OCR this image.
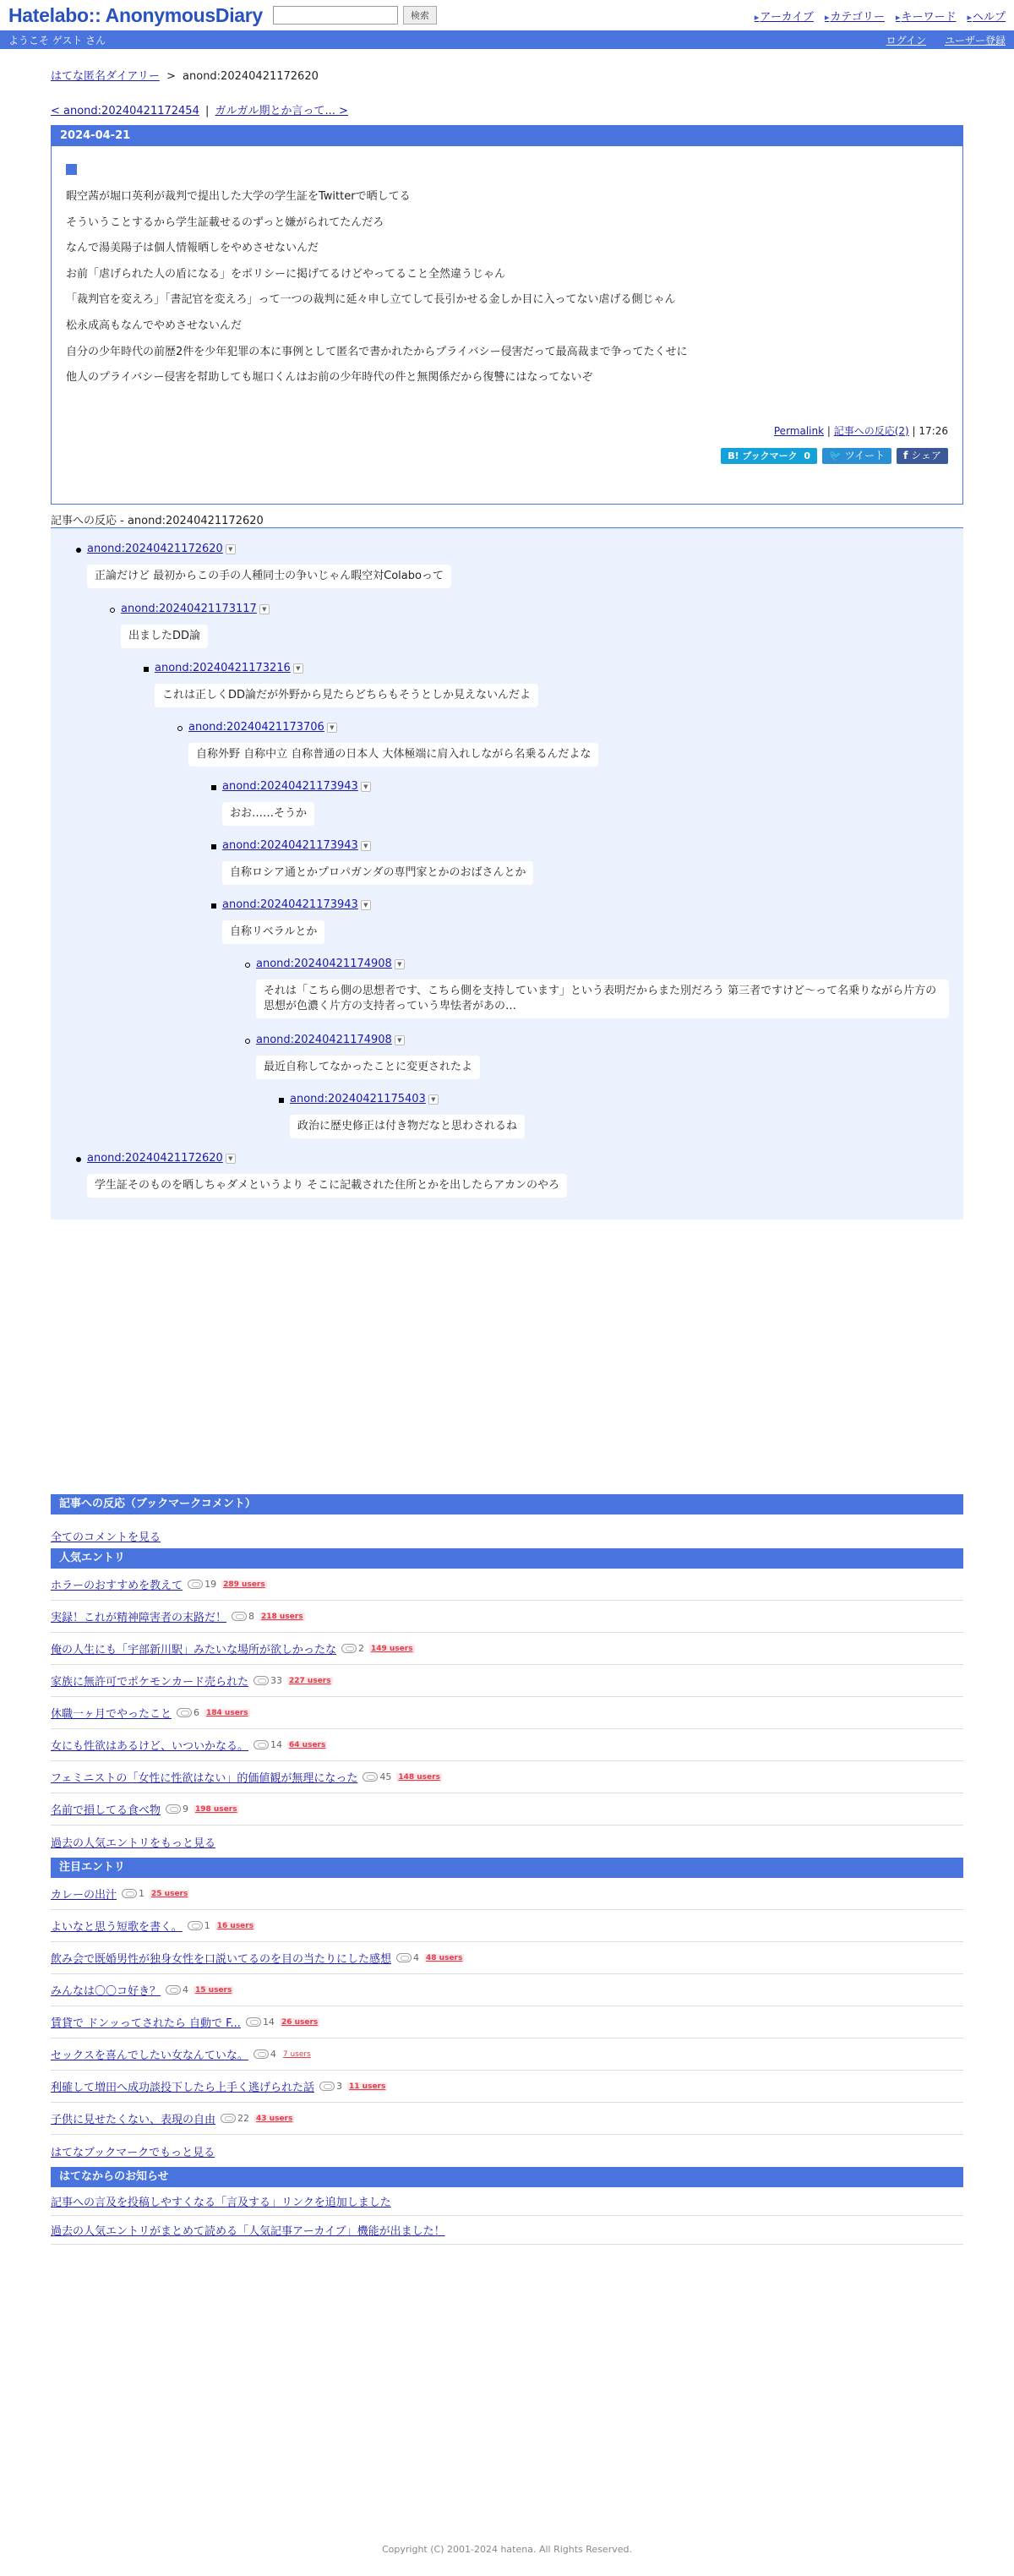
Hatelabo:: AnonymousDiary	検索	▸ アーカイブ	▸ カテゴリー	▸ キーワード	▸ ヘルプ
ようこそ ゲスト さん	ログイン ユーザー登録
はてな匿名ダイアリー > anond:20240421172620
< anond:20240421172454 | ガルガル期とか言って... >
2024-04-21

暇空茜が堀口英利が裁判で提出した大学の学生証をTwitterで晒してる

そういうことするから学生証載せるのずっと嫌がられてたんだろ

なんで湯美陽子は個人情報晒しをやめさせないんだ

お前「虐げられた人の盾になる」をポリシーに掲げてるけどやってること全然違うじゃん

「裁判官を変えろ」「書記官を変えろ」って一つの裁判に延々申し立てして長引かせる金しか目に入ってない虐げる側じゃん

松永成高もなんでやめさせないんだ

自分の少年時代の前歴2件を少年犯罪の本に事例として匿名で書かれたからプライバシー侵害だって最高裁まで争ってたくせに

他人のプライバシー侵害を幇助しても堀口くんはお前の少年時代の件と無関係だから復讐にはなってないぞ

Permalink | 記事への反応(2) | 17:26
B! ブックマーク 0	🐦 ツイート	f シェア
記事への反応 - anond:20240421172620
anond:20240421172620 ▼
正論だけど 最初からこの手の人種同士の争いじゃん暇空対Colaboって
anond:20240421173117 ▼
出ましたDD論
anond:20240421173216 ▼
これは正しくDD論だが外野から見たらどちらもそうとしか見えないんだよ
anond:20240421173706 ▼
自称外野 自称中立 自称普通の日本人 大体極端に肩入れしながら名乗るんだよな
anond:20240421173943 ▼
おお……そうか
anond:20240421173943 ▼
自称ロシア通とかプロパガンダの専門家とかのおばさんとか
anond:20240421173943 ▼
自称リベラルとか
anond:20240421174908 ▼

それは「こちら側の思想者です、こちら側を支持しています」という表明だからまた別だろう 第三者ですけど〜って名乗りながら片方の思想が色濃く片方の支持者っていう卑怯者があの…
anond:20240421174908 ▼
最近自称してなかったことに変更されたよ
anond:20240421175403 ▼
政治に歴史修正は付き物だなと思わされるね
anond:20240421172620 ▼
学生証そのものを晒しちゃダメというより そこに記載された住所とかを出したらアカンのやろ
記事への反応（ブックマークコメント）
全てのコメントを見る
人気エントリ
ホラーのおすすめを教えて 19 289 users
実録！これが精神障害者の末路だ！ 8 218 users
俺の人生にも「宇部新川駅」みたいな場所が欲しかったな 2 149 users
家族に無許可でポケモンカード売られた 33 227 users
休職一ヶ月でやったこと 6 184 users
女にも性欲はあるけど、いついかなる。 14 64 users
フェミニストの「女性に性欲はない」的価値観が無理になった 45 148 users
名前で損してる食べ物 9 198 users
過去の人気エントリをもっと見る
注目エントリ
カレーの出汁 1 25 users
よいなと思う短歌を書く。 1 16 users
飲み会で既婚男性が独身女性を口説いてるのを目の当たりにした感想 4 48 users
みんなは〇〇コ好き？ 4 15 users
賃貸で ドンッってされたら 自動で F... 14 26 users
セックスを喜んでしたい女なんていな。 4 7 users
利確して増田へ成功談投下したら上手く逃げられた話 3 11 users
子供に見せたくない、表現の自由 22 43 users
はてなブックマークでもっと見る
はてなからのお知らせ
記事への言及を投稿しやすくなる「言及する」リンクを追加しました
過去の人気エントリがまとめて読める「人気記事アーカイブ」機能が出ました！
Copyright (C) 2001-2024 hatena. All Rights Reserved.
